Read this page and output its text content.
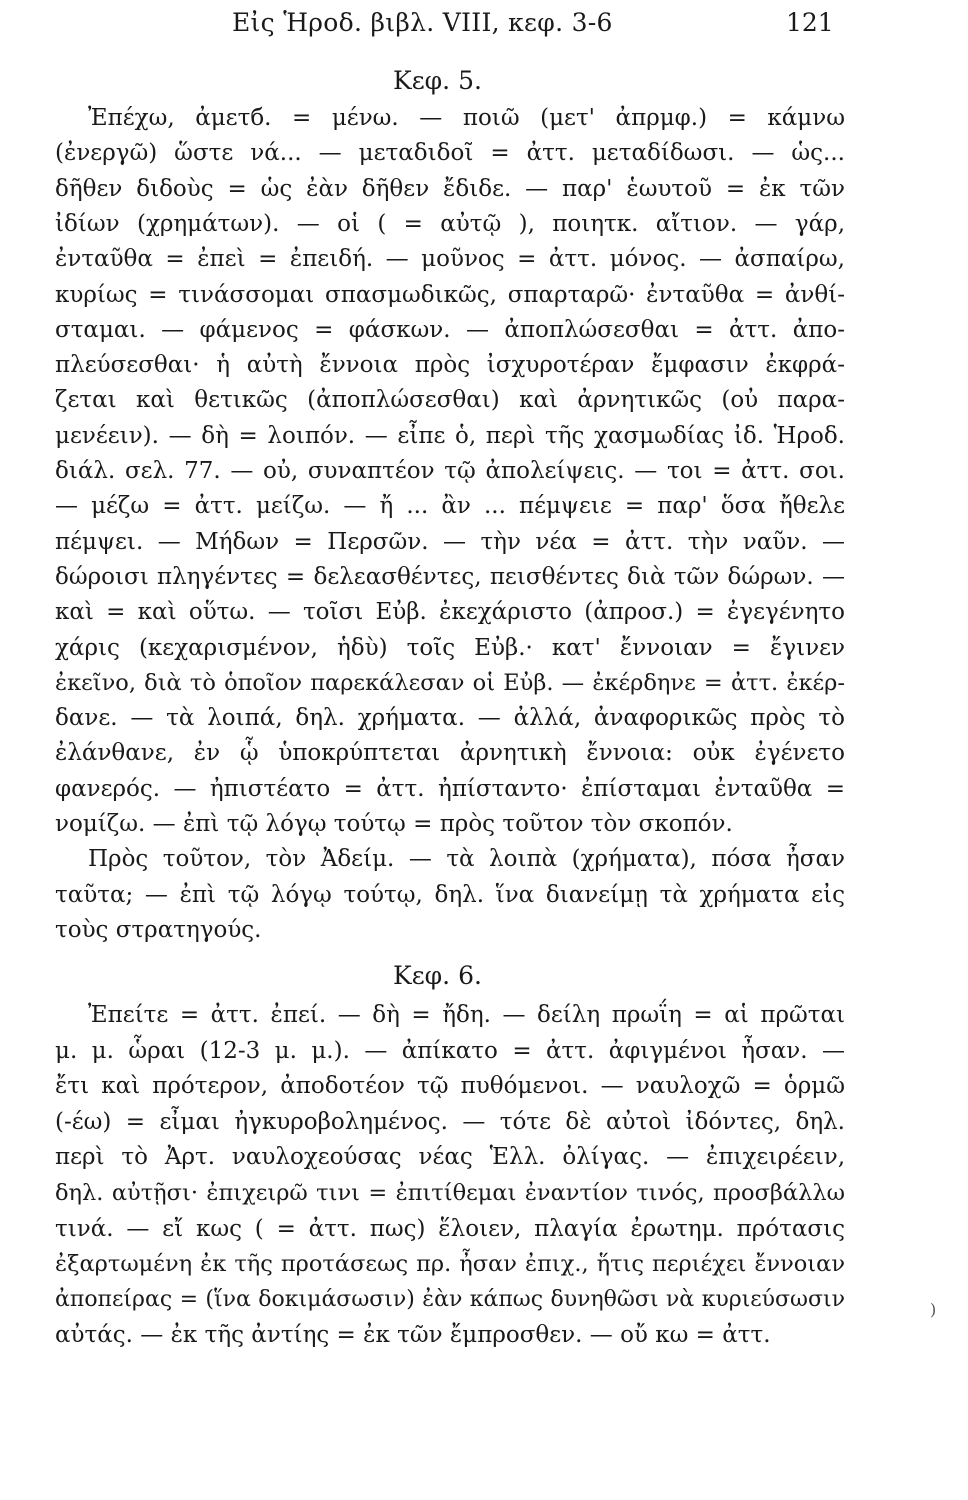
Εἰς Ἡροδ. βιβλ. VIII, κεφ. 3-6	121
Κεφ. 5.
Ἐπέχω, ἀμετб. = μένω. — ποιῶ (μετ' ἀπρμφ.) = κάμνω
(ἐνεργῶ) ὥστε νά... — μεταδιδοῖ = ἀττ. μεταδίδωσι. — ὡς...
δῆθεν διδοὺς = ὡς ἐὰν δῆθεν ἔδιδε. — παρ' ἑωυτοῦ = ἐκ τῶν
ἰδίων (χρημάτων). — οἱ ( = αὐτῷ ), ποιητκ. αἴτιον. — γάρ,
ἐνταῦθα = ἐπεὶ = ἐπειδή. — μοῦνος = ἀττ. μόνος. — ἀσπαίρω,
κυρίως = τινάσσομαι σπασμωδικῶς, σπαρταρῶ· ἐνταῦθα = ἀνθί-
σταμαι. — φάμενος = φάσκων. — ἀποπλώσεσθαι = ἀττ. ἀπο-
πλεύσεσθαι· ἡ αὐτὴ ἔννοια πρὸς ἰσχυροτέραν ἔμφασιν ἐκφρά-
ζεται καὶ θετικῶς (ἀποπλώσεσθαι) καὶ ἀρνητικῶς (οὐ παρα-
μενέειν). — δὴ = λοιπόν. — εἶπε ὁ, περὶ τῆς χασμωδίας ἰδ. Ἡροδ.
διάλ. σελ. 77. — οὐ, συναπτέον τῷ ἀπολείψεις. — τοι = ἀττ. σοι.
— μέζω = ἀττ. μείζω. — ἤ ... ἂν ... πέμψειε = παρ' ὅσα ἤθελε
πέμψει. — Μήδων = Περσῶν. — τὴν νέα = ἀττ. τὴν ναῦν. —
δώροισι πληγέντες = δελεασθέντες, πεισθέντες διὰ τῶν δώρων. —
καὶ = καὶ οὕτω. — τοῖσι Εὐβ. ἐκεχάριστο (ἀπροσ.) = ἐγεγένητο
χάρις (κεχαρισμένον, ἡδὺ) τοῖς Εὐβ.· κατ' ἔννοιαν = ἔγινεν
ἐκεῖνο, διὰ τὸ ὁποῖον παρεκάλεσαν οἱ Εὐβ. — ἐκέρδηνε = ἀττ. ἐκέρ-
δανε. — τὰ λοιπά, δηλ. χρήματα. — ἀλλά, ἀναφορικῶς πρὸς τὸ
ἐλάνθανε, ἐν ᾧ ὑποκρύπτεται ἀρνητικὴ ἔννοια: οὐκ ἐγένετο
φανερός. — ἠπιστέατο = ἀττ. ἠπίσταντο· ἐπίσταμαι ἐνταῦθα =
νομίζω. — ἐπὶ τῷ λόγῳ τούτῳ = πρὸς τοῦτον τὸν σκοπόν.
Πρὸς τοῦτον, τὸν Ἀδείμ. — τὰ λοιπὰ (χρήματα), πόσα ἦσαν
ταῦτα; — ἐπὶ τῷ λόγῳ τούτῳ, δηλ. ἵνα διανείμῃ τὰ χρήματα εἰς
τοὺς στρατηγούς.
Κεφ. 6.
Ἐπείτε = ἀττ. ἐπεί. — δὴ = ἤδη. — δείλη πρωΐη = αἱ πρῶται
μ. μ. ὧραι (12-3 μ. μ.). — ἀπίκατο = ἀττ. ἀφιγμένοι ἦσαν. —
ἔτι καὶ πρότερον, ἀποδοτέον τῷ πυθόμενοι. — ναυλοχῶ = ὁρμῶ
(-έω) = εἶμαι ἠγκυροβολημένος. — τότε δὲ αὐτοὶ ἰδόντες, δηλ.
περὶ τὸ Ἀρτ. ναυλοχεούσας νέας Ἑλλ. ὀλίγας. — ἐπιχειρέειν,
δηλ. αὐτῇσι· ἐπιχειρῶ τινι = ἐπιτίθεμαι ἐναντίον τινός, προσβάλλω
τινά. — εἴ κως ( = ἀττ. πως) ἕλοιεν, πλαγία ἐρωτημ. πρότασις
ἐξαρτωμένη ἐκ τῆς προτάσεως πρ. ἦσαν ἐπιχ., ἥτις περιέχει ἔννοιαν
ἀποπείρας = (ἵνα δοκιμάσωσιν) ἐὰν κάπως δυνηθῶσι νὰ κυριεύσωσιν
αὐτάς. — ἐκ τῆς ἀντίης = ἐκ τῶν ἔμπροσθεν. — οὔ κω = ἀττ.
)
